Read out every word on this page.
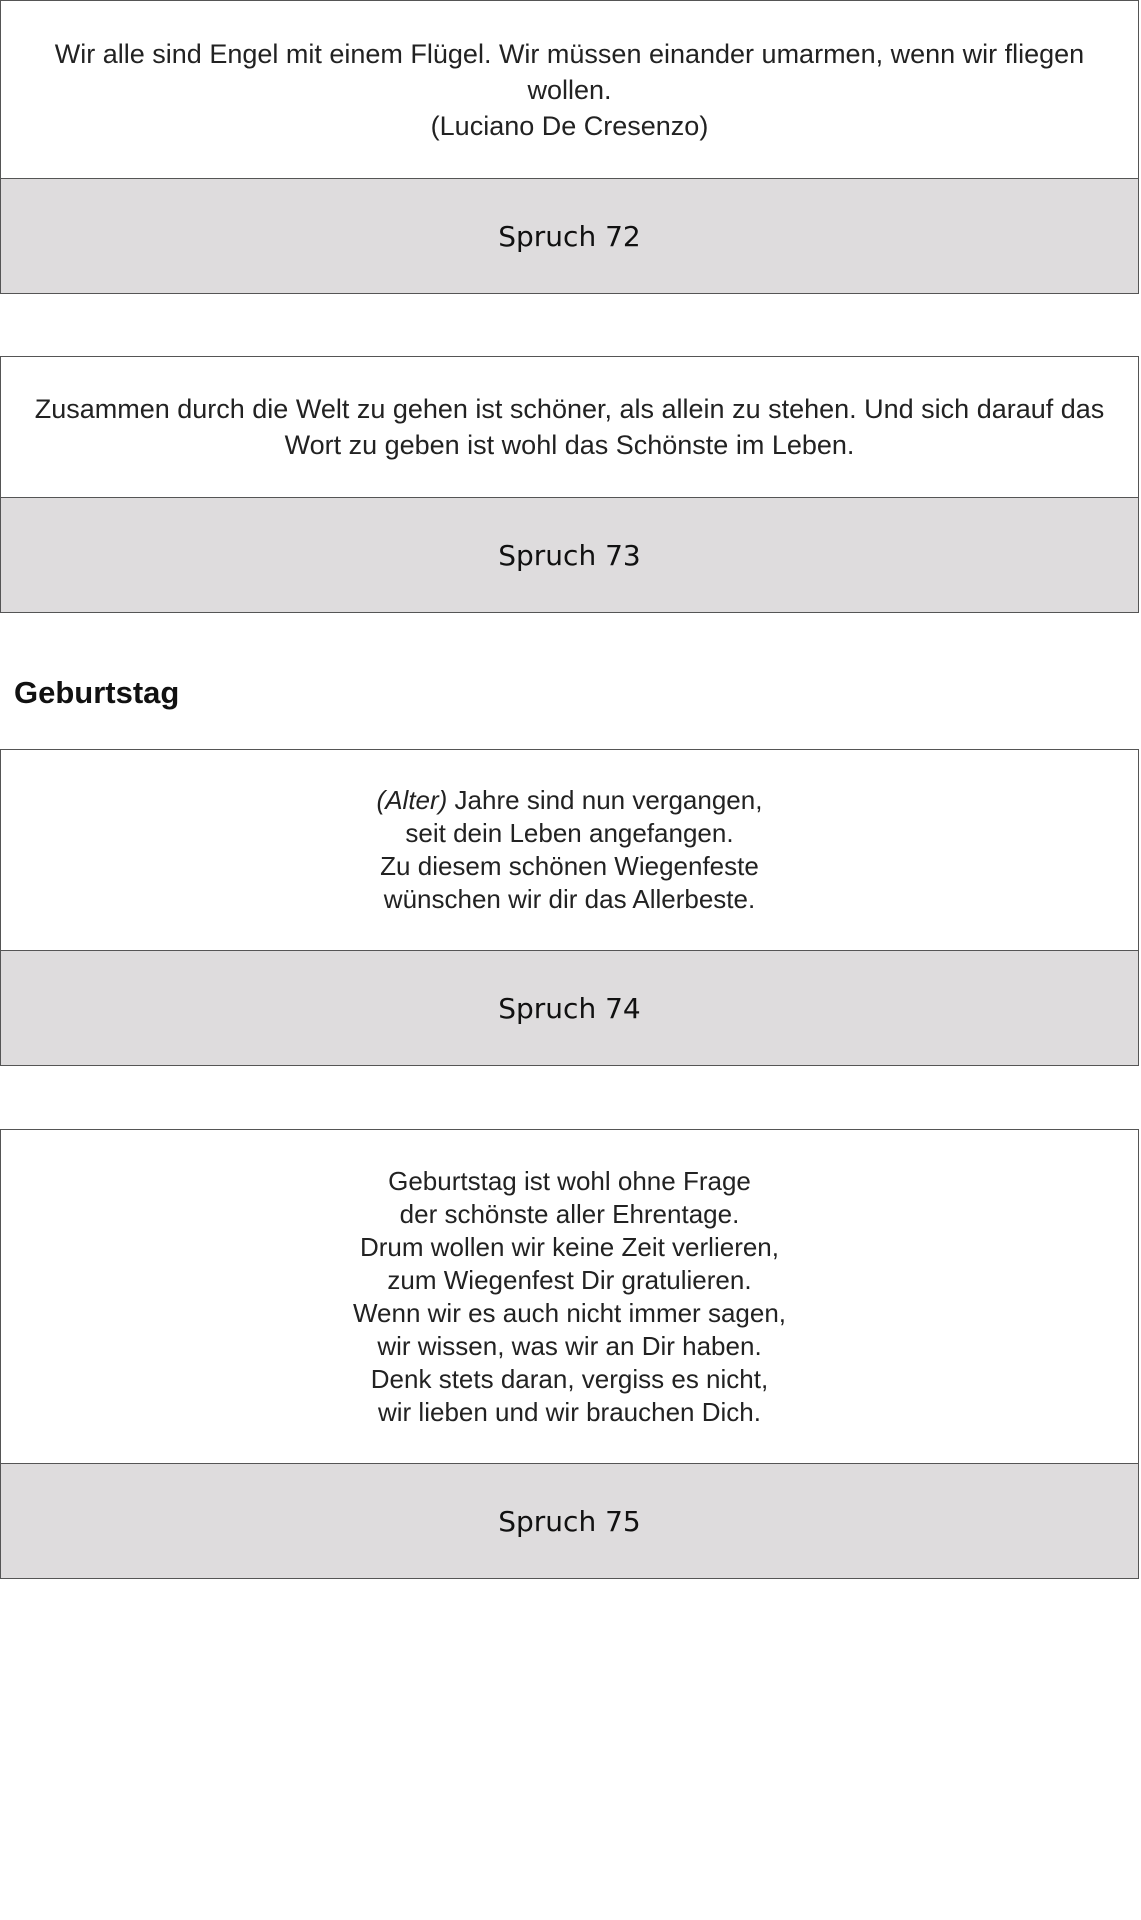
Wir alle sind Engel mit einem Flügel. Wir müssen einander umarmen, wenn wir fliegen
wollen.
(Luciano De Cresenzo)
Spruch 72
Zusammen durch die Welt zu gehen ist schöner, als allein zu stehen. Und sich darauf das
Wort zu geben ist wohl das Schönste im Leben.
Spruch 73
Geburtstag
(Alter) Jahre sind nun vergangen,
seit dein Leben angefangen.
Zu diesem schönen Wiegenfeste
wünschen wir dir das Allerbeste.
Spruch 74
Geburtstag ist wohl ohne Frage
der schönste aller Ehrentage.
Drum wollen wir keine Zeit verlieren,
zum Wiegenfest Dir gratulieren.
Wenn wir es auch nicht immer sagen,
wir wissen, was wir an Dir haben.
Denk stets daran, vergiss es nicht,
wir lieben und wir brauchen Dich.
Spruch 75
